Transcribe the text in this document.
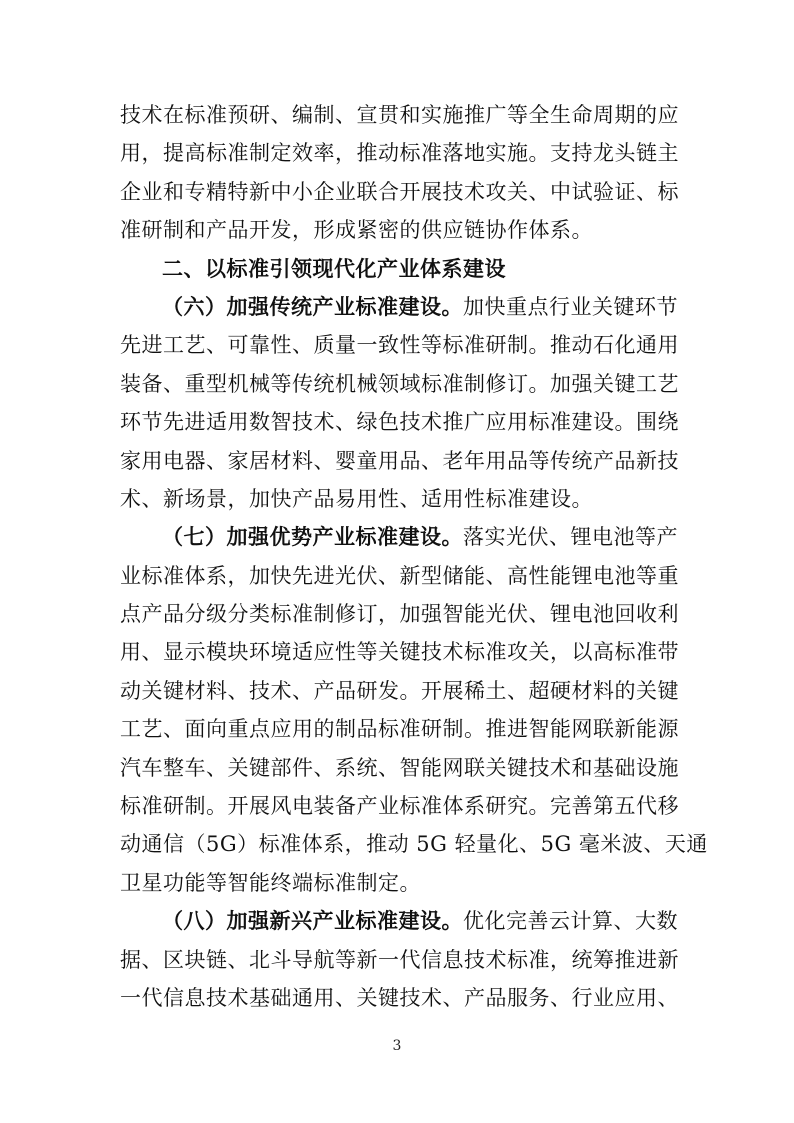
技术在标准预研、编制、宣贯和实施推广等全生命周期的应
用，提高标准制定效率，推动标准落地实施。支持龙头链主
企业和专精特新中小企业联合开展技术攻关、中试验证、标
准研制和产品开发，形成紧密的供应链协作体系。
二、以标准引领现代化产业体系建设
（六）加强传统产业标准建设。加快重点行业关键环节
先进工艺、可靠性、质量一致性等标准研制。推动石化通用
装备、重型机械等传统机械领域标准制修订。加强关键工艺
环节先进适用数智技术、绿色技术推广应用标准建设。围绕
家用电器、家居材料、婴童用品、老年用品等传统产品新技
术、新场景，加快产品易用性、适用性标准建设。
（七）加强优势产业标准建设。落实光伏、锂电池等产
业标准体系，加快先进光伏、新型储能、高性能锂电池等重
点产品分级分类标准制修订，加强智能光伏、锂电池回收利
用、显示模块环境适应性等关键技术标准攻关，以高标准带
动关键材料、技术、产品研发。开展稀土、超硬材料的关键
工艺、面向重点应用的制品标准研制。推进智能网联新能源
汽车整车、关键部件、系统、智能网联关键技术和基础设施
标准研制。开展风电装备产业标准体系研究。完善第五代移
动通信（5G）标准体系，推动 5G 轻量化、5G 毫米波、天通
卫星功能等智能终端标准制定。
（八）加强新兴产业标准建设。优化完善云计算、大数
据、区块链、北斗导航等新一代信息技术标准，统筹推进新
一代信息技术基础通用、关键技术、产品服务、行业应用、
3
